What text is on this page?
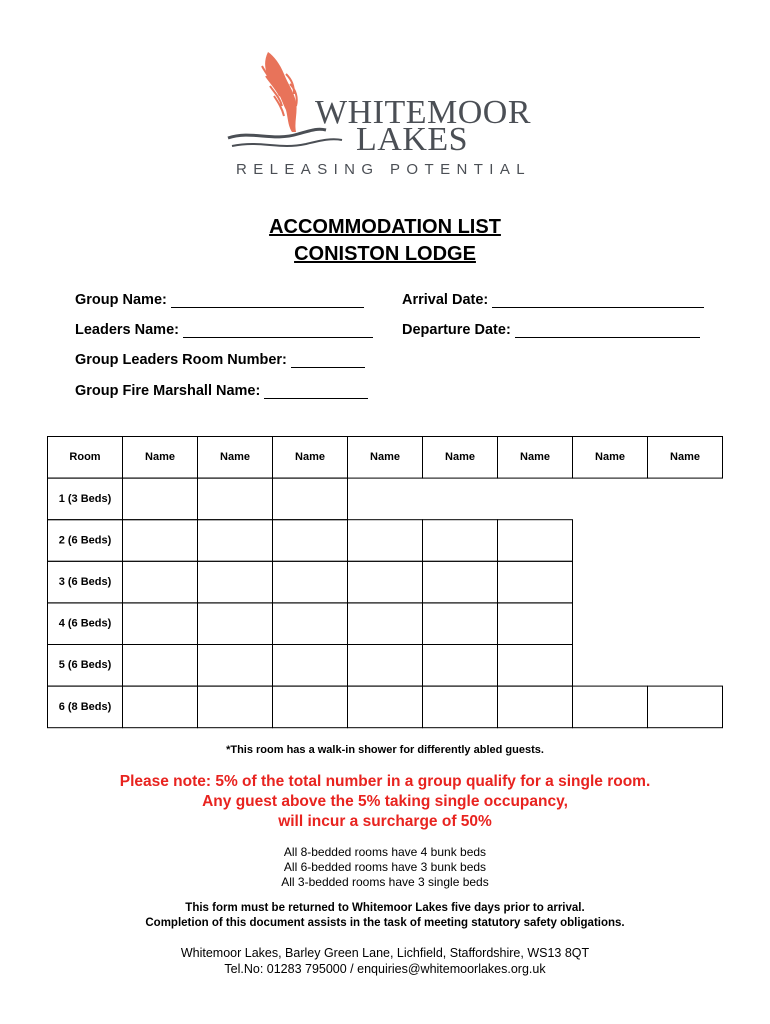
WHITEMOOR
LAKES
RELEASING POTENTIAL
ACCOMMODATION LIST
CONISTON LODGE
Group Name:	Arrival Date:
Leaders Name:	Departure Date:
Group Leaders Room Number:
Group Fire Marshall Name:
Room	Name	Name	Name	Name	Name	Name	Name	Name
1 (3 Beds)
2 (6 Beds)
3 (6 Beds)
4 (6 Beds)
5 (6 Beds)
6 (8 Beds)
*This room has a walk-in shower for differently abled guests.
Please note: 5% of the total number in a group qualify for a single room.
Any guest above the 5% taking single occupancy,
will incur a surcharge of 50%
All 8-bedded rooms have 4 bunk beds
All 6-bedded rooms have 3 bunk beds
All 3-bedded rooms have 3 single beds
This form must be returned to Whitemoor Lakes five days prior to arrival.
Completion of this document assists in the task of meeting statutory safety obligations.
Whitemoor Lakes, Barley Green Lane, Lichfield, Staffordshire, WS13 8QT
Tel.No: 01283 795000 / enquiries@whitemoorlakes.org.uk
